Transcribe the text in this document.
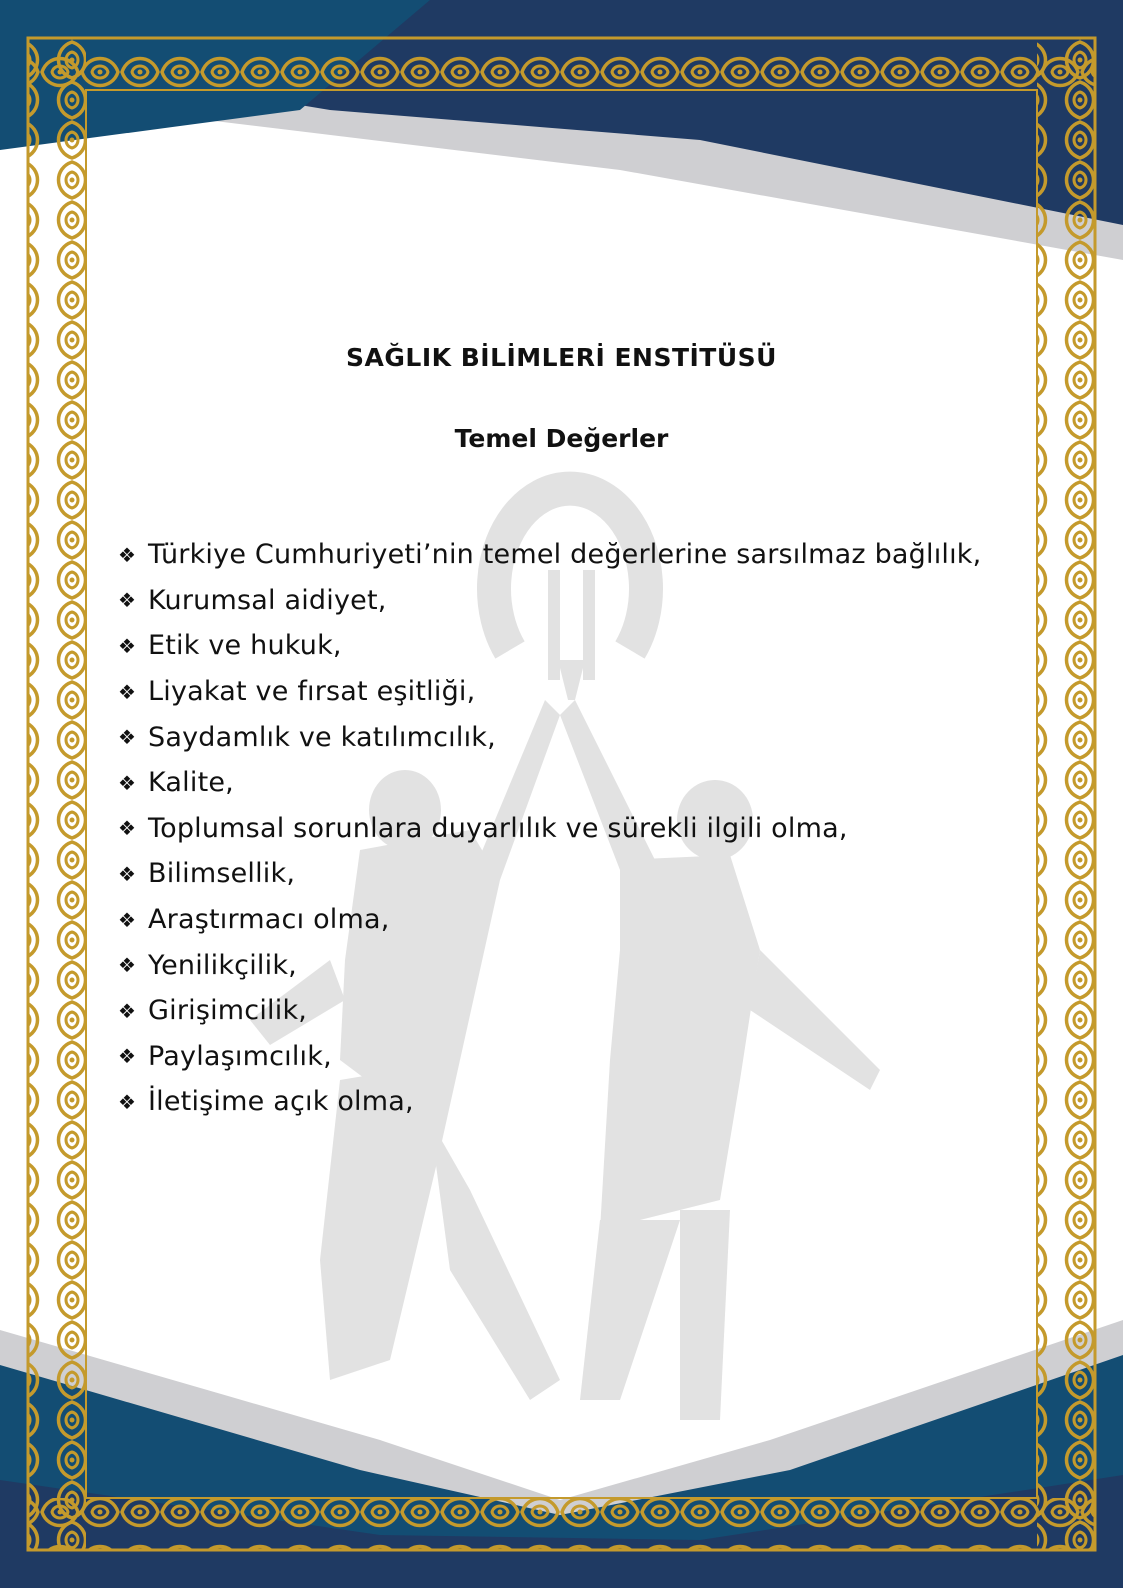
SAĞLIK BİLİMLERİ ENSTİTÜSÜ
Temel Değerler
❖ Türkiye Cumhuriyeti’nin temel değerlerine sarsılmaz bağlılık,
❖ Kurumsal aidiyet,
❖ Etik ve hukuk,
❖ Liyakat ve fırsat eşitliği,
❖ Saydamlık ve katılımcılık,
❖ Kalite,
❖ Toplumsal sorunlara duyarlılık ve sürekli ilgili olma,
❖ Bilimsellik,
❖ Araştırmacı olma,
❖ Yenilikçilik,
❖ Girişimcilik,
❖ Paylaşımcılık,
❖ İletişime açık olma,
